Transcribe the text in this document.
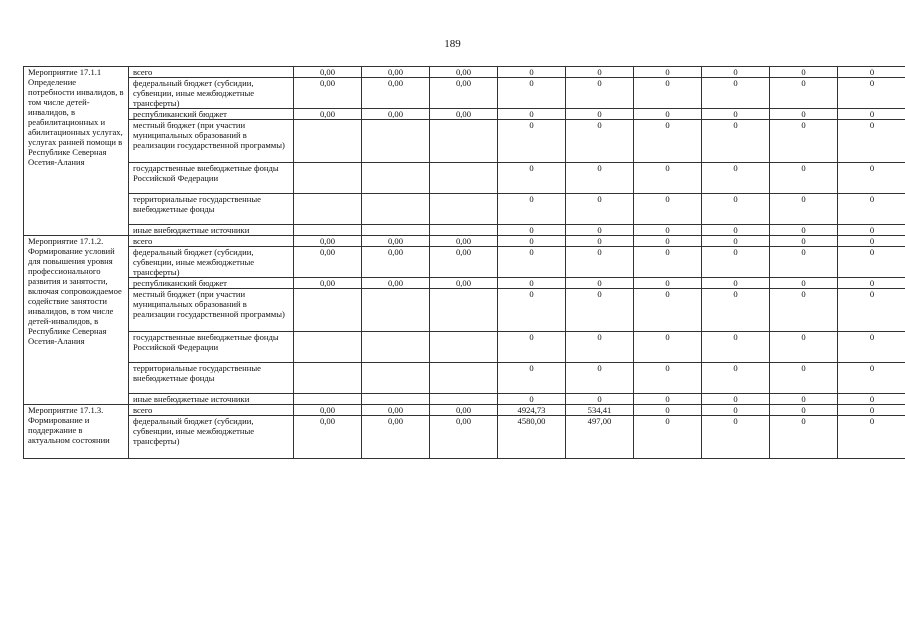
189
Мероприятие 17.1.1 Определение потребности инвалидов, в том числе детей-инвалидов, в реабилитационных и абилитационных услугах, услугах ранней помощи в Республике Северная Осетия-Алания	всего	0,00	0,00	0,00	0	0	0	0	0	0
	федеральный бюджет (субсидии, субвенции, иные межбюджетные трансферты)	0,00	0,00	0,00	0	0	0	0	0	0
	республиканский бюджет	0,00	0,00	0,00	0	0	0	0	0	0
	местный бюджет (при участии муниципальных образований в реализации государственной программы)				0	0	0	0	0	0
	государственные внебюджетные фонды Российской Федерации				0	0	0	0	0	0
	территориальные государственные внебюджетные фонды				0	0	0	0	0	0
	иные внебюджетные источники				0	0	0	0	0	0
Мероприятие 17.1.2. Формирование условий для повышения уровня профессионального развития и занятости, включая сопровождаемое содействие занятости инвалидов, в том числе детей-инвалидов, в Республике Северная Осетия-Алания	всего	0,00	0,00	0,00	0	0	0	0	0	0
	федеральный бюджет (субсидии, субвенции, иные межбюджетные трансферты)	0,00	0,00	0,00	0	0	0	0	0	0
	республиканский бюджет	0,00	0,00	0,00	0	0	0	0	0	0
	местный бюджет (при участии муниципальных образований в реализации государственной программы)				0	0	0	0	0	0
	государственные внебюджетные фонды Российской Федерации				0	0	0	0	0	0
	территориальные государственные внебюджетные фонды				0	0	0	0	0	0
	иные внебюджетные источники				0	0	0	0	0	0
Мероприятие 17.1.3. Формирование и поддержание в актуальном состоянии	всего	0,00	0,00	0,00	4924,73	534,41	0	0	0	0
	федеральный бюджет (субсидии, субвенции, иные межбюджетные трансферты)	0,00	0,00	0,00	4580,00	497,00	0	0	0	0
